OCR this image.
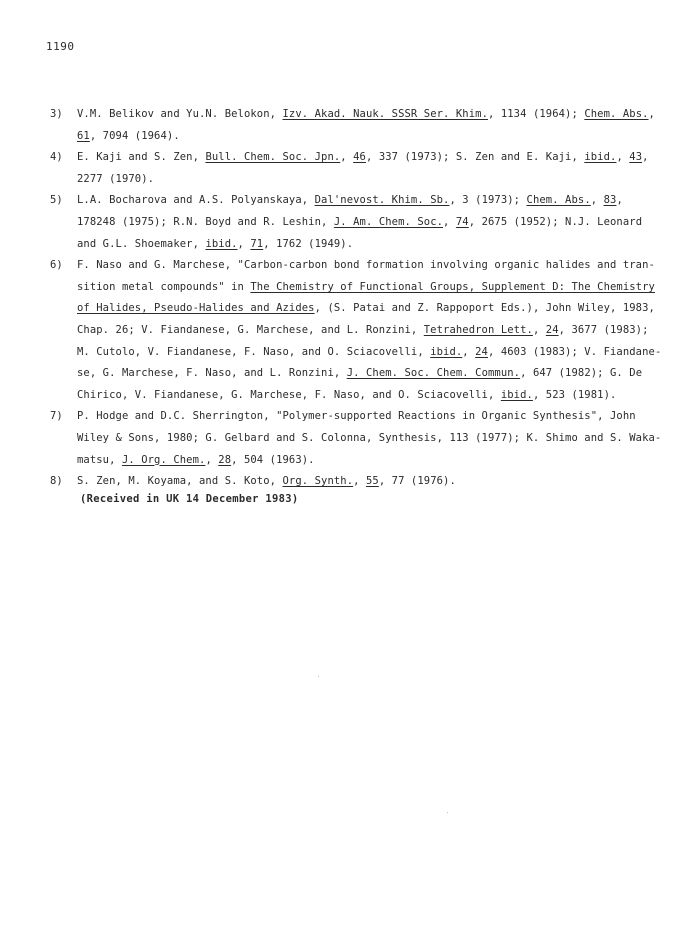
1190
3)	V.M. Belikov and Yu.N. Belokon, Izv. Akad. Nauk. SSSR Ser. Khim., 1134 (1964); Chem. Abs.,
61, 7094 (1964).
4)	E. Kaji and S. Zen, Bull. Chem. Soc. Jpn., 46, 337 (1973); S. Zen and E. Kaji, ibid., 43,
2277 (1970).
5)	L.A. Bocharova and A.S. Polyanskaya, Dal'nevost. Khim. Sb., 3 (1973); Chem. Abs., 83,
178248 (1975); R.N. Boyd and R. Leshin, J. Am. Chem. Soc., 74, 2675 (1952); N.J. Leonard
and G.L. Shoemaker, ibid., 71, 1762 (1949).
6)	F. Naso and G. Marchese, "Carbon-carbon bond formation involving organic halides and tran-
sition metal compounds" in The Chemistry of Functional Groups, Supplement D: The Chemistry
of Halides, Pseudo-Halides and Azides, (S. Patai and Z. Rappoport Eds.), John Wiley, 1983,
Chap. 26; V. Fiandanese, G. Marchese, and L. Ronzini, Tetrahedron Lett., 24, 3677 (1983);
M. Cutolo, V. Fiandanese, F. Naso, and O. Sciacovelli, ibid., 24, 4603 (1983); V. Fiandane-
se, G. Marchese, F. Naso, and L. Ronzini, J. Chem. Soc. Chem. Commun., 647 (1982); G. De
Chirico, V. Fiandanese, G. Marchese, F. Naso, and O. Sciacovelli, ibid., 523 (1981).
7)	P. Hodge and D.C. Sherrington, "Polymer-supported Reactions in Organic Synthesis", John
Wiley & Sons, 1980; G. Gelbard and S. Colonna, Synthesis, 113 (1977); K. Shimo and S. Waka-
matsu, J. Org. Chem., 28, 504 (1963).
8)	S. Zen, M. Koyama, and S. Koto, Org. Synth., 55, 77 (1976).
(Received in UK 14 December 1983)
